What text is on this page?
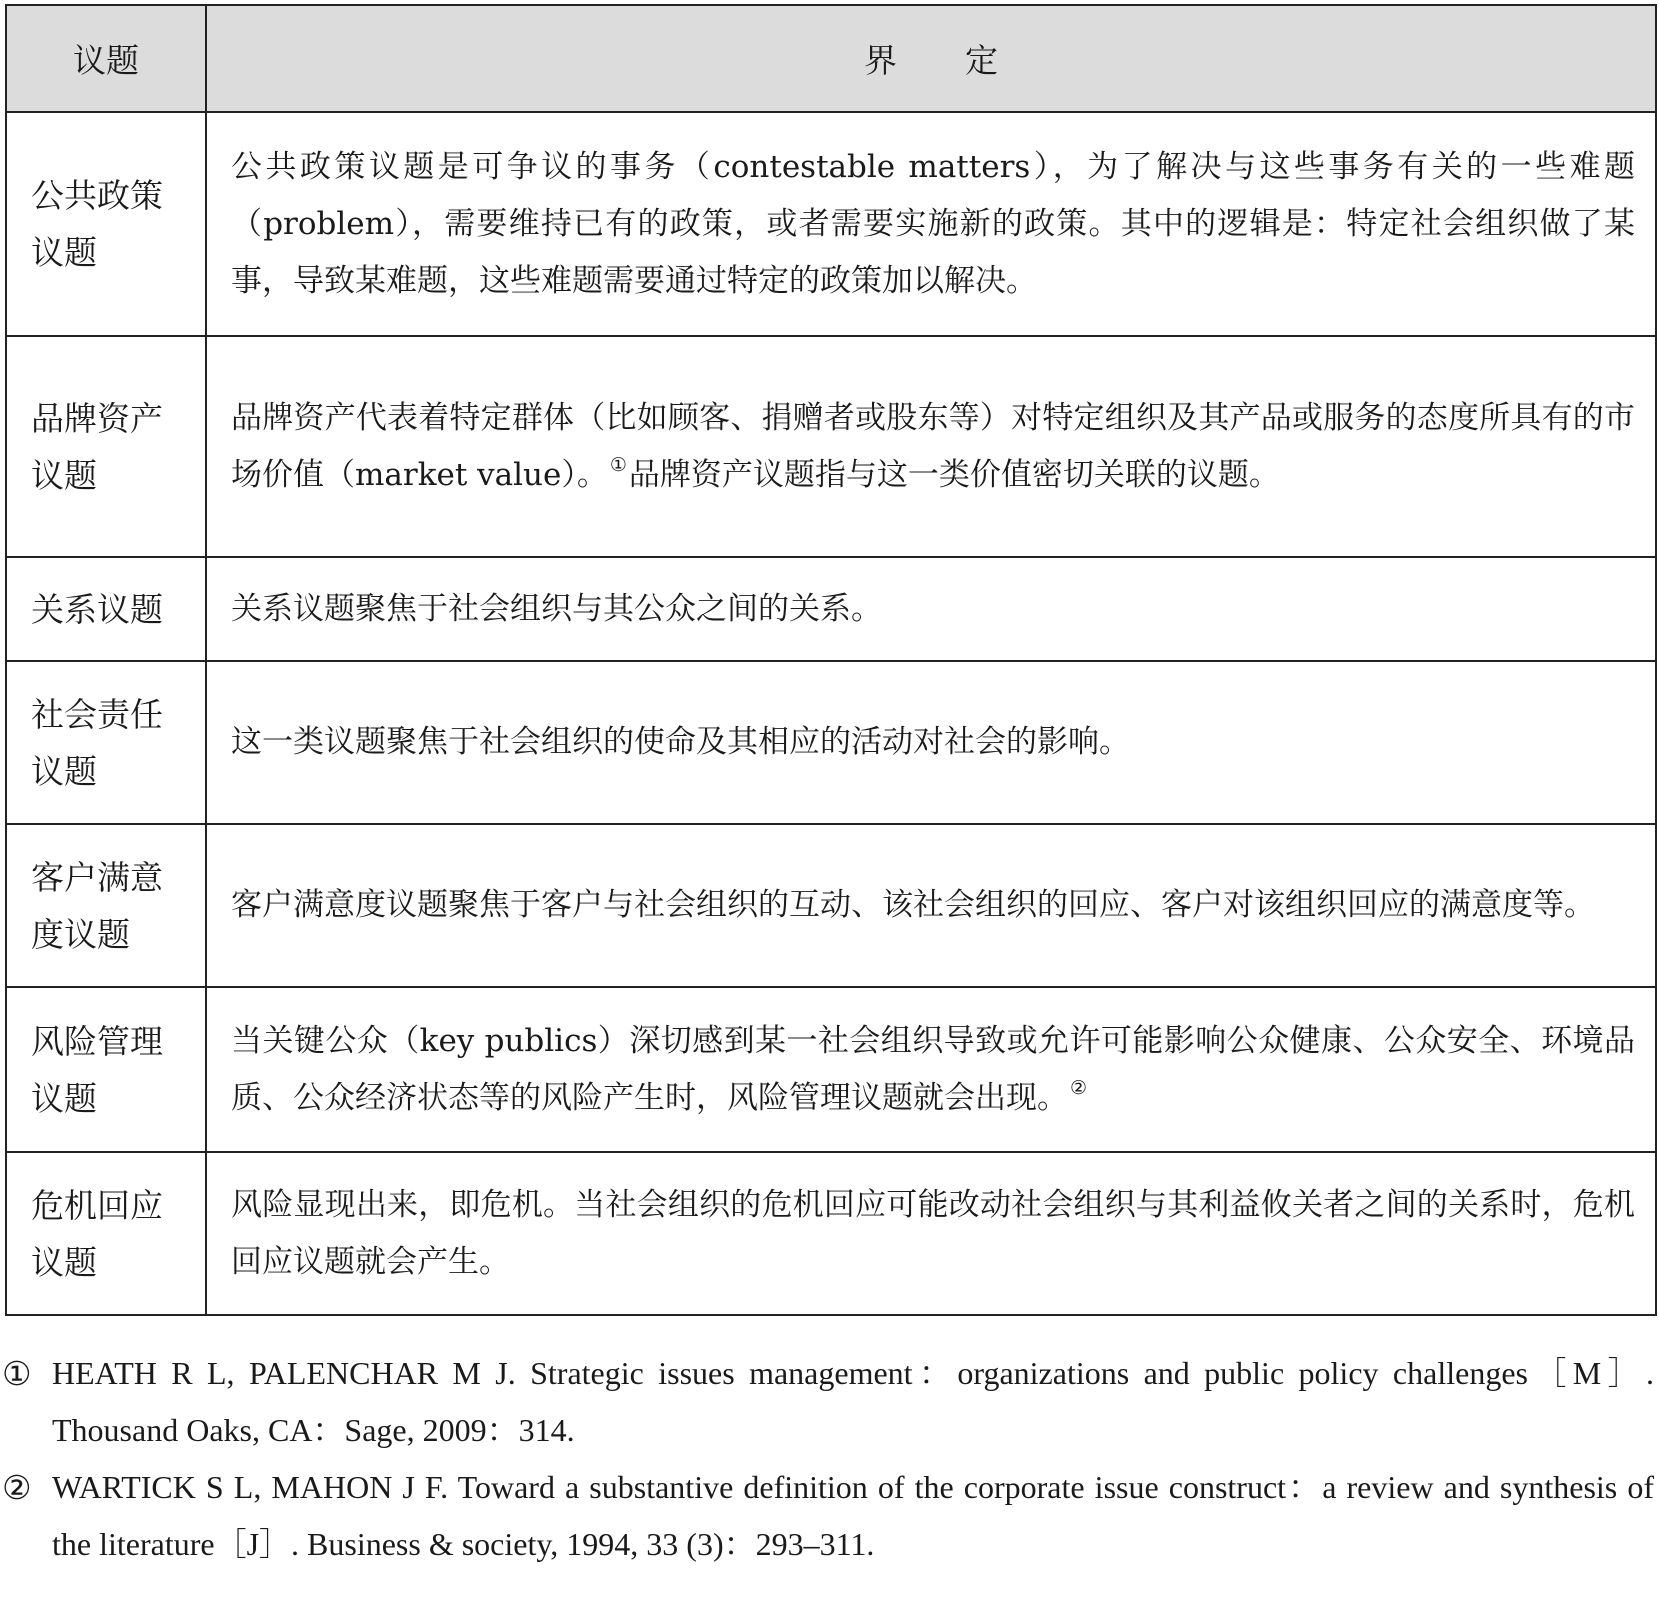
议题	界 定
公共政策议题	公共政策议题是可争议的事务（contestable matters），为了解决与这些事务有关的一些难题（problem），需要维持已有的政策，或者需要实施新的政策。其中的逻辑是：特定社会组织做了某事，导致某难题，这些难题需要通过特定的政策加以解决。
品牌资产议题	品牌资产代表着特定群体（比如顾客、捐赠者或股东等）对特定组织及其产品或服务的态度所具有的市场价值（market value）。 ①品牌资产议题指与这一类价值密切关联的议题。
关系议题	关系议题聚焦于社会组织与其公众之间的关系。
社会责任议题	这一类议题聚焦于社会组织的使命及其相应的活动对社会的影响。
客户满意度议题	客户满意度议题聚焦于客户与社会组织的互动、该社会组织的回应、客户对该组织回应的满意度等。
风险管理议题	当关键公众（key publics）深切感到某一社会组织导致或允许可能影响公众健康、公众安全、环境品质、公众经济状态等的风险产生时，风险管理议题就会出现。 ②
危机回应议题	风险显现出来，即危机。当社会组织的危机回应可能改动社会组织与其利益攸关者之间的关系时，危机回应议题就会产生。
① HEATH R L, PALENCHAR M J. Strategic issues management：organizations and public policy challenges［M］. Thousand Oaks, CA：Sage, 2009：314.
② WARTICK S L, MAHON J F. Toward a substantive definition of the corporate issue construct：a review and synthesis of the literature［J］. Business & society, 1994, 33 (3)：293–311.
